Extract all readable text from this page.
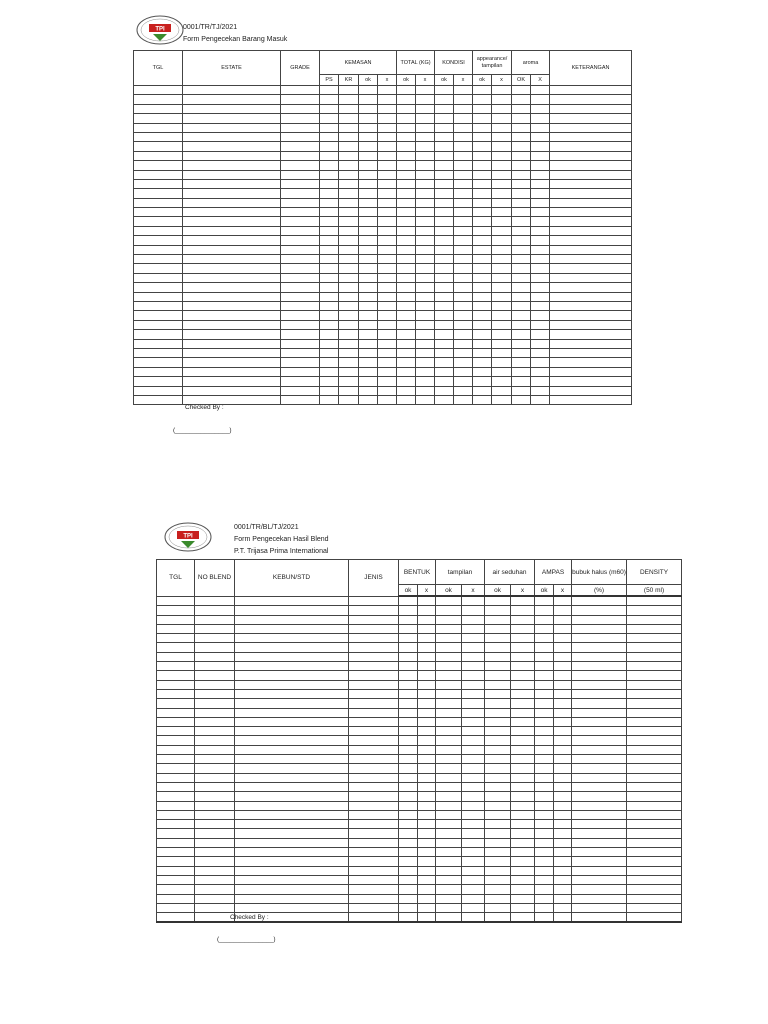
TPI	0001/TR/TJ/2021
Form Pengecekan Barang Masuk
TGL	ESTATE	GRADE	KEMASAN				TOTAL (KG)		KONDISI		appearance/ tampilan		aroma		KETERANGAN
			PS	KR	ok	x	ok	x	ok	x	ok	x	OK	X	

Checked By :
(_______________)
TPI
0001/TR/BL/TJ/2021
Form Pengecekan Hasil Blend
P.T. Trijasa Prima International
TGL	NO BLEND	KEBUN/STD	JENIS	BENTUK		tampilan		air seduhan		AMPAS		bubuk halus (m60)	DENSITY
				ok	x	ok	x	ok	x	ok	x	(%)	(50 ml)

Checked By :
(_______________)
